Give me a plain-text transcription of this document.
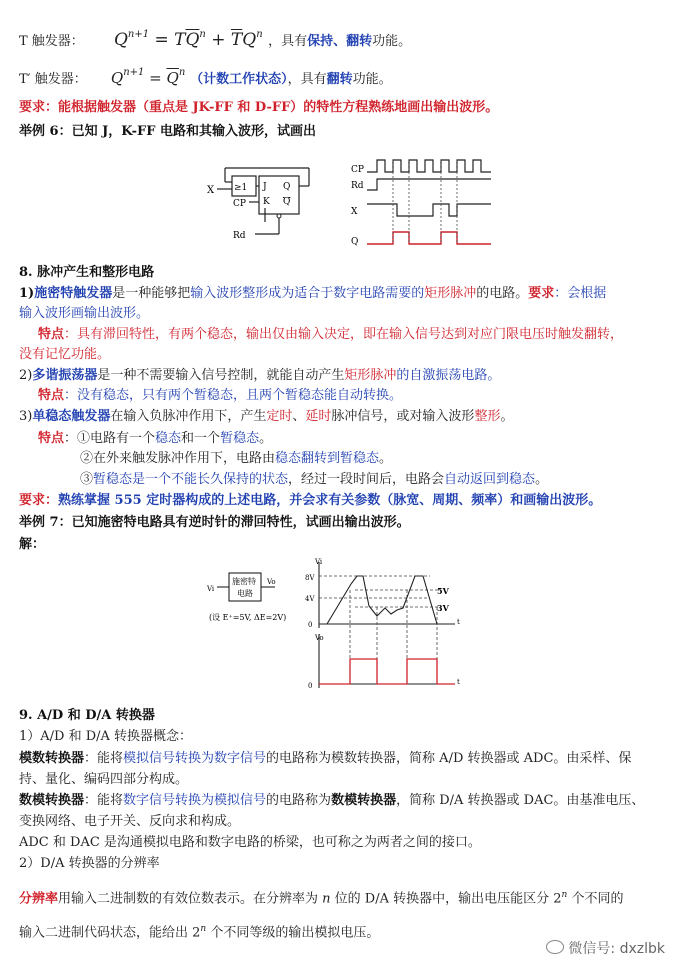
T 触发器： $Q^{n+1} = T\overline{Q}^n + \overline{T}Q^n$ ，具有保持、翻转功能。
T′ 触发器： $Q^{n+1} = \overline{Q}^n$ （计数工作状态），具有翻转功能。
要求：能根据触发器（重点是 JK-FF 和 D-FF）的特性方程熟练地画出输出波形。
举例 6：已知 J，K-FF 电路和其输入波形，试画出
X ≥1
CP
J
K
Q
Q
Rd
CP
Rd
X
Q
8. 脉冲产生和整形电路
1)施密特触发器是一种能够把输入波形整形成为适合于数字电路需要的矩形脉冲的电路。要求：会根据
输入波形画输出波形。
特点：具有滞回特性，有两个稳态，输出仅由输入决定，即在输入信号达到对应门限电压时触发翻转，
没有记忆功能。
2)多谐振荡器是一种不需要输入信号控制，就能自动产生矩形脉冲的自激振荡电路。
特点：没有稳态，只有两个暂稳态，且两个暂稳态能自动转换。
3)单稳态触发器在输入负脉冲作用下，产生定时、延时脉冲信号，或对输入波形整形。
特点：①电路有一个稳态和一个暂稳态。
②在外来触发脉冲作用下，电路由稳态翻转到暂稳态。
③暂稳态是一个不能长久保持的状态，经过一段时间后，电路会自动返回到稳态。
要求：熟练掌握 555 定时器构成的上述电路，并会求有关参数（脉宽、周期、频率）和画输出波形。
举例 7：已知施密特电路具有逆时针的滞回特性，试画出输出波形。
解：
Vi
施密特
电路
Vo
(设 E⁺=5V, ΔE=2V)
Vi
8V
4V
0	t
5V
3V
Vo
0	t
9. A/D 和 D/A 转换器
1）A/D 和 D/A 转换器概念：
模数转换器：能将模拟信号转换为数字信号的电路称为模数转换器，简称 A/D 转换器或 ADC。由采样、保
持、量化、编码四部分构成。
数模转换器：能将数字信号转换为模拟信号的电路称为数模转换器，简称 D/A 转换器或 DAC。由基准电压、
变换网络、电子开关、反向求和构成。
ADC 和 DAC 是沟通模拟电路和数字电路的桥梁，也可称之为两者之间的接口。
2）D/A 转换器的分辨率
分辨率用输入二进制数的有效位数表示。在分辨率为 n 位的 D/A 转换器中，输出电压能区分 2$^n$ 个不同的
输入二进制代码状态，能给出 2$^n$ 个不同等级的输出模拟电压。
微信号: dxzlbk
